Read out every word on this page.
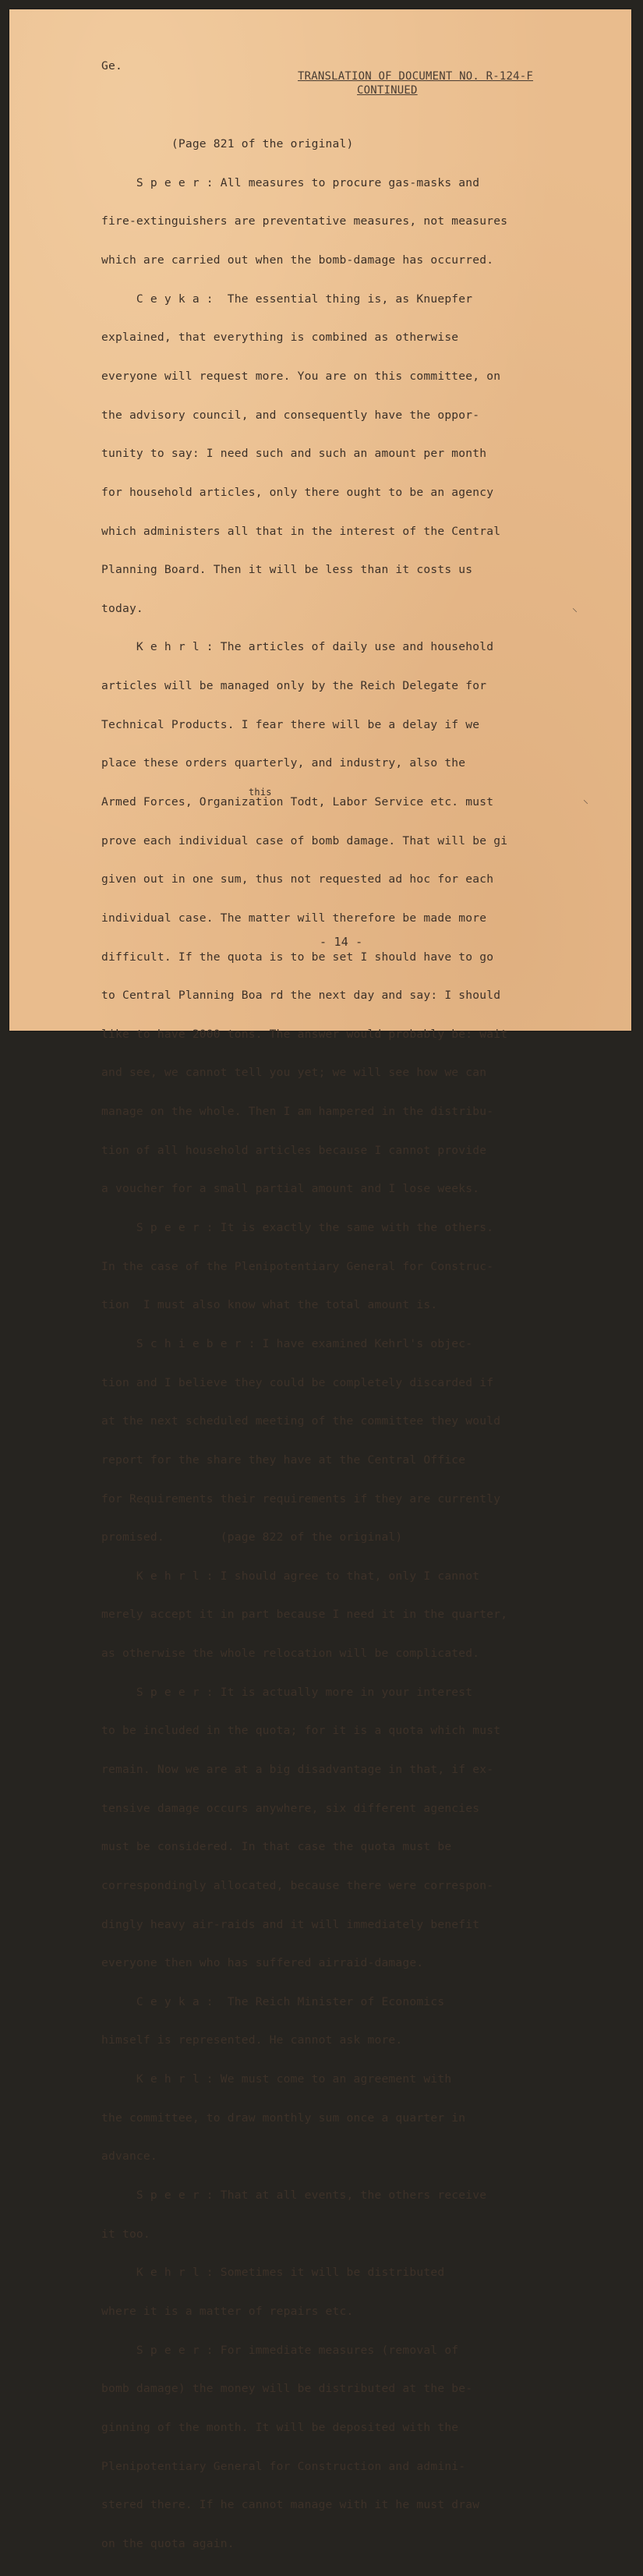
Ge.
TRANSLATION OF DOCUMENT NO. R-124-F
CONTINUED

(Page 821 of the original)

S p e e r : All measures to procure gas-masks and

fire-extinguishers are preventative measures, not measures

which are carried out when the bomb-damage has occurred.

C e y k a :  The essential thing is, as Knuepfer

explained, that everything is combined as otherwise

everyone will request more. You are on this committee, on

the advisory council, and consequently have the oppor-

tunity to say: I need such and such an amount per month

for household articles, only there ought to be an agency

which administers all that in the interest of the Central

Planning Board. Then it will be less than it costs us

today.

K e h r l : The articles of daily use and household

articles will be managed only by the Reich Delegate for

Technical Products. I fear there will be a delay if we

place these orders quarterly, and industry, also the

Armed Forces, Organization Todt, Labor Service etc. must

prove each individual case of bomb damage. That will be gi

given out in one sum, thus not requested ad hoc for each

individual case. The matter will therefore be made more

difficult. If the quota is to be set I should have to go

to Central Planning Boa rd the next day and say: I should

like to have 2000 tons. The answer would probably be: wait

and see, we cannot tell you yet; we will see how we can

manage on the whole. Then I am hampered in the distribu-

tion of all household articles because I cannot provide

a voucher for a small partial amount and I lose weeks.

S p e e r : It is exactly the same with the others.

In the case of the Plenipotentiary General for Construc-

tion  I must also know what the total amount is.

S c h i e b e r : I have examined Kehrl's objec-

tion and I believe they could be completely discarded if

at the next scheduled meeting of the committee they would

report for the share they have at the Central Office

for Requirements their requirements if they are currently

promised.        (page 822 of the original)

K e h r l : I should agree to that, only I cannot

merely accept it in part because I need it in the quarter,

as otherwise the whole relocation will be complicated.

S p e e r : It is actually more in your interest

to be included in the quota; for it is a quota which must

remain. Now we are at a big disadvantage in that, if ex-

tensive damage occurs anywhere, six different agencies

must be considered. In that case the quota must be

correspondingly allocated, because there were correspon-

dingly heavy air-raids and it will immediately benefit

everyone then who has suffered airraid-damage.

C e y k a :  The Reich Minister of Economics

himself is represented. He cannot ask more.

K e h r l : We must come to an agreement with

the committee, to draw monthly sum once a quarter in

advance.

S p e e r : That at all events, the others receive

it too.

K e h r l : Sometimes it will be distributed

where it is a matter of repairs etc.

S p e e r : For immediate measures (removal of

bomb damage) the money will be distributed at the be-

ginning of the month. It will be deposited with the

Plenipotentiary General for Construction and admini-

stered there. If he cannot manage with it he must draw

on the quota again.

this
- 14 -
⸌
⸜
